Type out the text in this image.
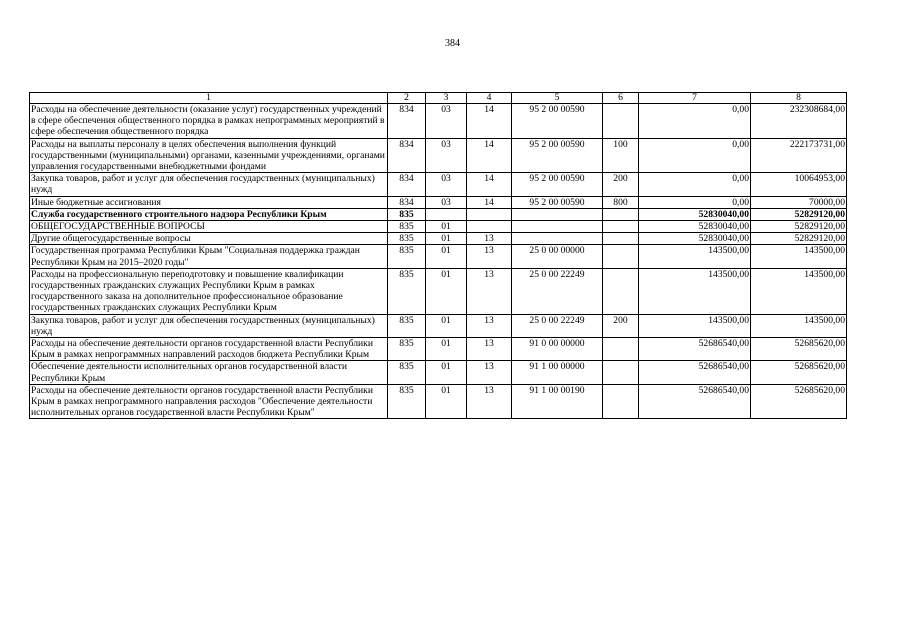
384
1	2	3	4	5	6	7	8
Расходы на обеспечение деятельности (оказание услуг) государственных учреждений в сфере обеспечения общественного порядка в рамках непрограммных мероприятий в сфере обеспечения общественного порядка	834	03	14	95 2 00 00590		0,00	232308684,00
Расходы на выплаты персоналу в целях обеспечения выполнения функций государственными (муниципальными) органами, казенными учреждениями, органами управления государственными внебюджетными фондами	834	03	14	95 2 00 00590	100	0,00	222173731,00
Закупка товаров, работ и услуг для обеспечения государственных (муниципальных) нужд	834	03	14	95 2 00 00590	200	0,00	10064953,00
Иные бюджетные ассигнования	834	03	14	95 2 00 00590	800	0,00	70000,00
Служба государственного строительного надзора Республики Крым	835					52830040,00	52829120,00
ОБЩЕГОСУДАРСТВЕННЫЕ ВОПРОСЫ	835	01				52830040,00	52829120,00
Другие общегосударственные вопросы	835	01	13			52830040,00	52829120,00
Государственная программа Республики Крым "Социальная поддержка граждан Республики Крым на 2015–2020 годы"	835	01	13	25 0 00 00000		143500,00	143500,00
Расходы на профессиональную переподготовку и повышение квалификации государственных гражданских служащих Республики Крым в рамках государственного заказа на дополнительное профессиональное образование государственных гражданских служащих Республики Крым	835	01	13	25 0 00 22249		143500,00	143500,00
Закупка товаров, работ и услуг для обеспечения государственных (муниципальных) нужд	835	01	13	25 0 00 22249	200	143500,00	143500,00
Расходы на обеспечение деятельности органов государственной власти Республики Крым в рамках непрограммных направлений расходов бюджета Республики Крым	835	01	13	91 0 00 00000		52686540,00	52685620,00
Обеспечение деятельности исполнительных органов государственной власти Республики Крым	835	01	13	91 1 00 00000		52686540,00	52685620,00
Расходы на обеспечение деятельности органов государственной власти Республики Крым в рамках непрограммного направления расходов "Обеспечение деятельности исполнительных органов государственной власти Республики Крым"	835	01	13	91 1 00 00190		52686540,00	52685620,00
